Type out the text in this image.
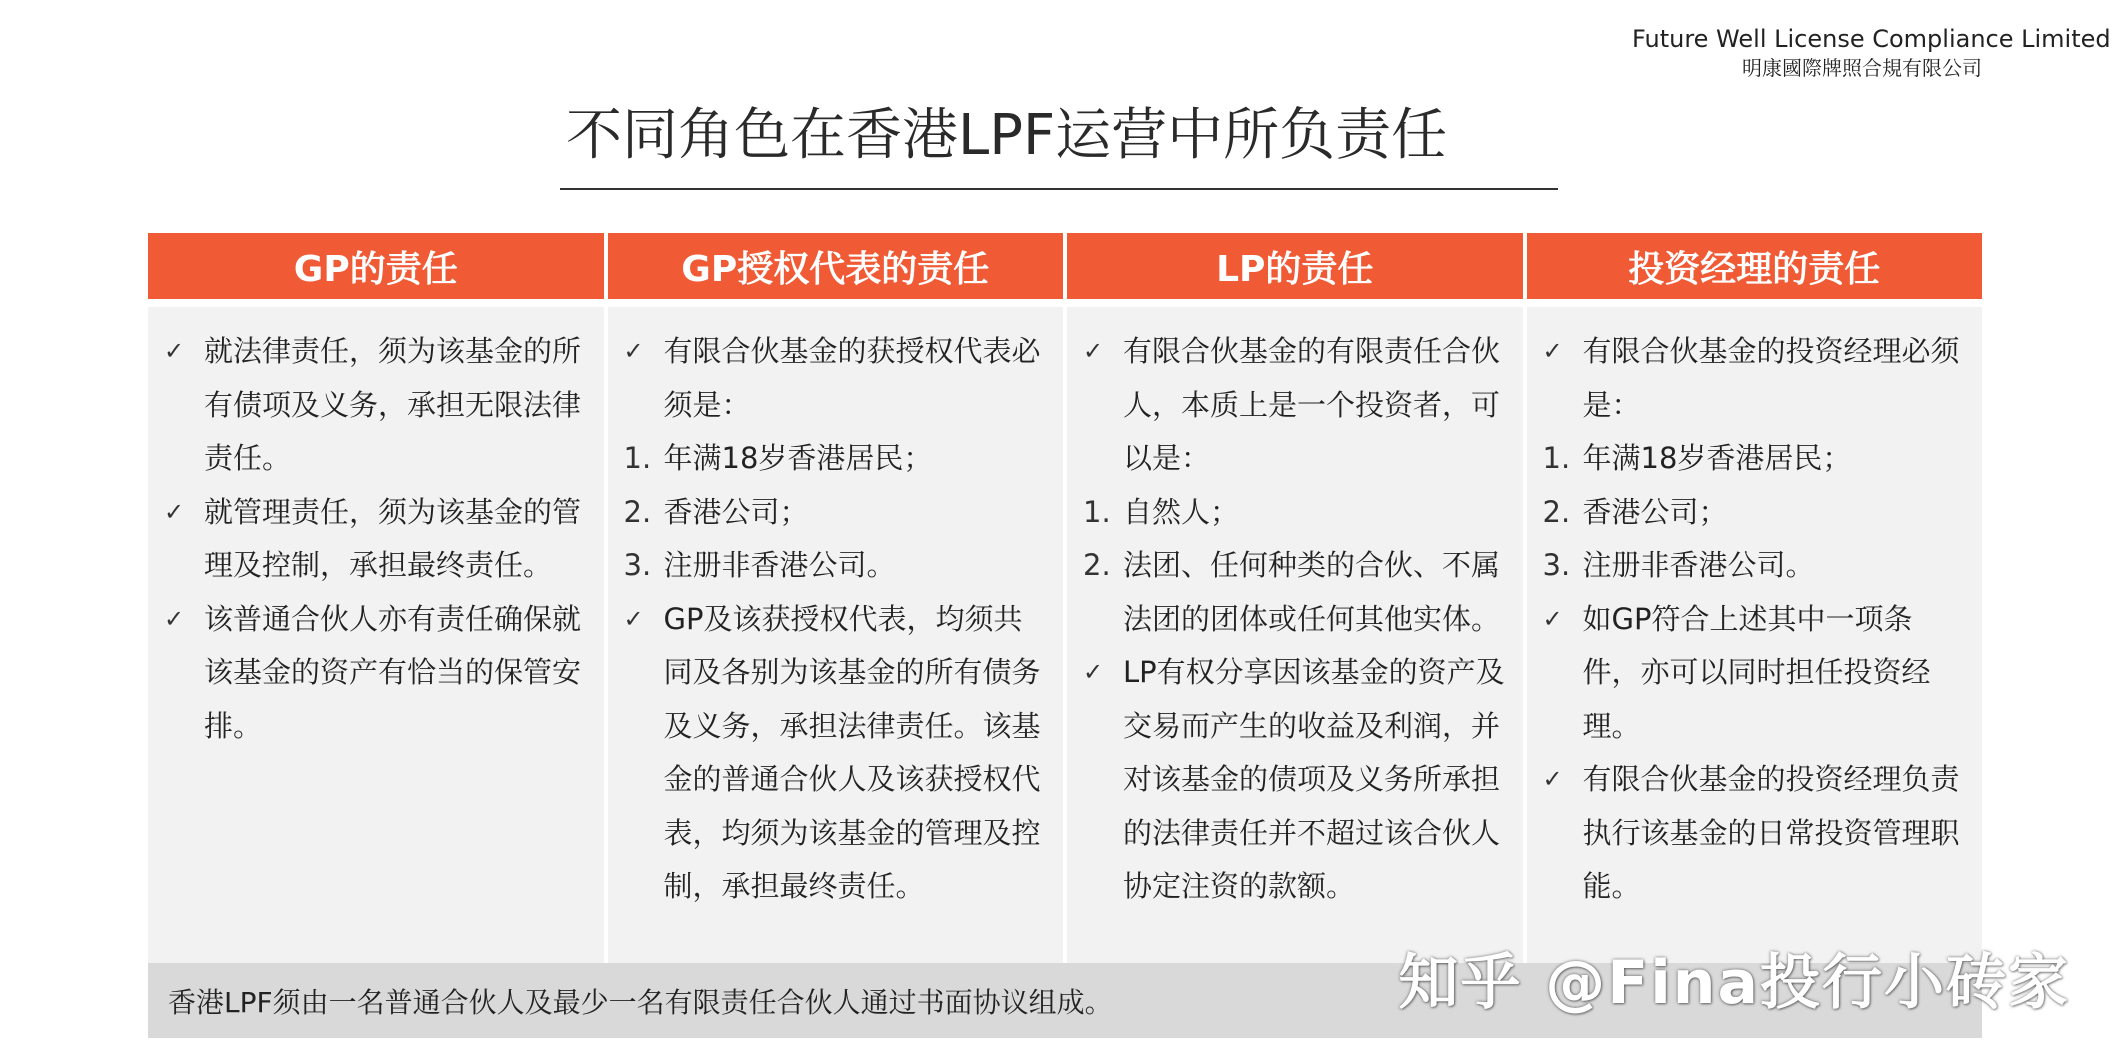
Future Well License Compliance Limited
明康國際牌照合規有限公司
不同角色在香港LPF运营中所负责任
GP的责任
✓ 就法律责任，须为该基金的所有债项及义务，承担无限法律责任。
✓ 就管理责任，须为该基金的管理及控制，承担最终责任。
✓ 该普通合伙人亦有责任确保就该基金的资产有恰当的保管安排。
GP授权代表的责任
✓ 有限合伙基金的获授权代表必须是：
1. 年满18岁香港居民；
2. 香港公司；
3. 注册非香港公司。
✓ GP及该获授权代表，均须共同及各别为该基金的所有债务及义务，承担法律责任。该基金的普通合伙人及该获授权代表，均须为该基金的管理及控制，承担最终责任。
LP的责任
✓ 有限合伙基金的有限责任合伙人，本质上是一个投资者，可以是：
1. 自然人；
2. 法团、任何种类的合伙、不属法团的团体或任何其他实体。
✓ LP有权分享因该基金的资产及交易而产生的收益及利润，并对该基金的债项及义务所承担的法律责任并不超过该合伙人协定注资的款额。
投资经理的责任
✓ 有限合伙基金的投资经理必须是：
1. 年满18岁香港居民；
2. 香港公司；
3. 注册非香港公司。
✓ 如GP符合上述其中一项条件，亦可以同时担任投资经理。
✓ 有限合伙基金的投资经理负责执行该基金的日常投资管理职能。
香港LPF须由一名普通合伙人及最少一名有限责任合伙人通过书面协议组成。	知乎 @Fina投行小砖家
